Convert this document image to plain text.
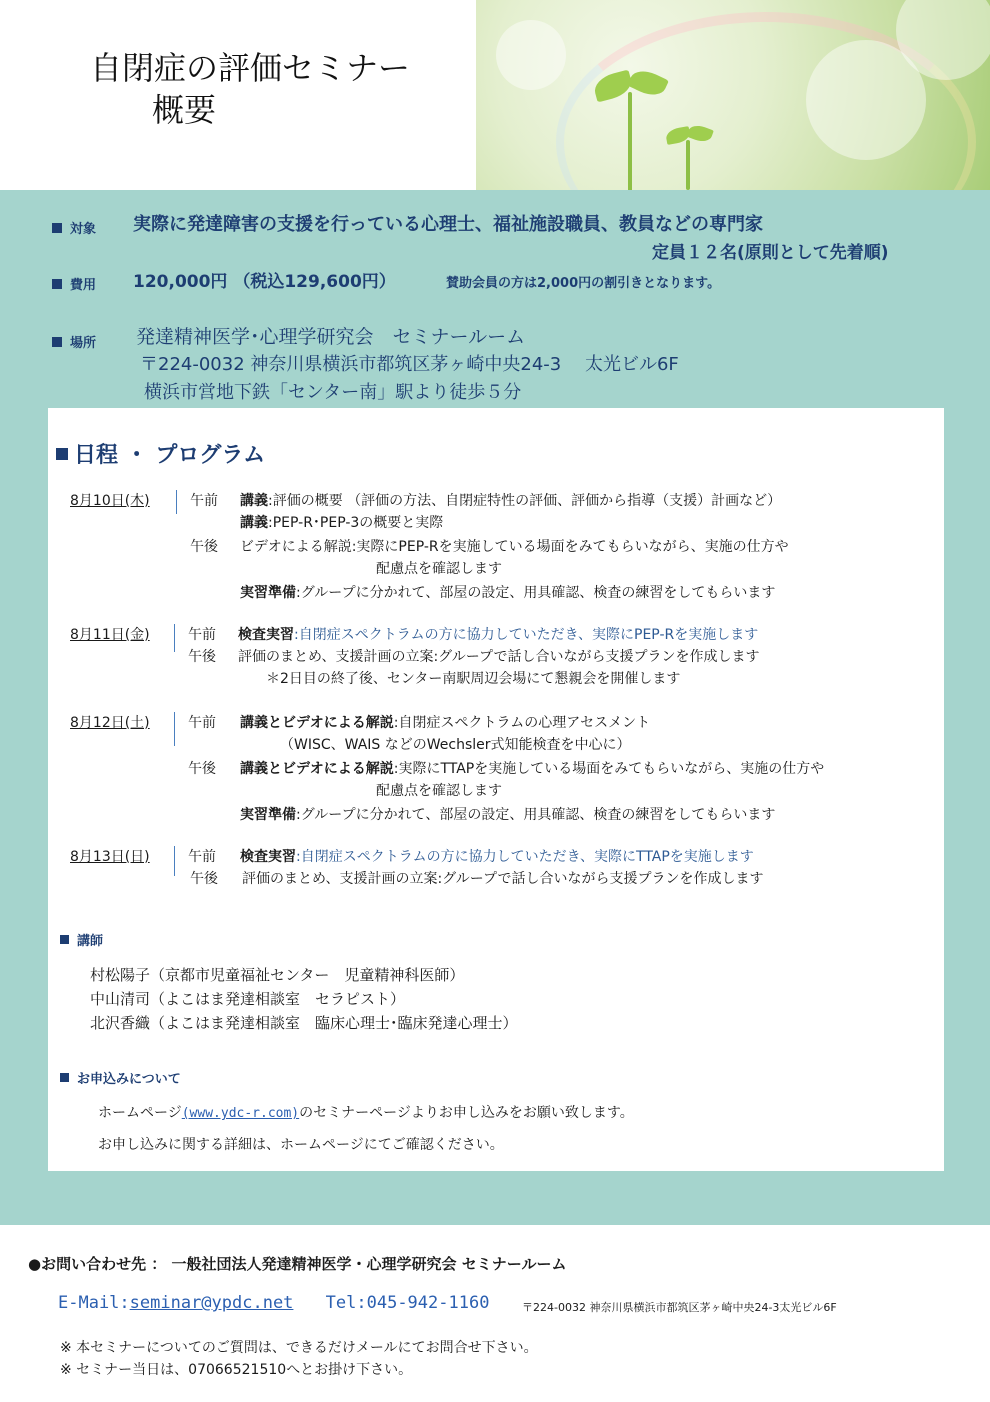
自閉症の評価セミナー
概要
対象 実際に発達障害の支援を行っている心理士、福祉施設職員、教員などの専門家
定員１２名(原則として先着順)
費用 120,000円 （税込129,600円）	賛助会員の方は2,000円の割引きとなります。
場所 発達精神医学･心理学研究会　セミナールーム
〒224-0032 神奈川県横浜市都筑区茅ヶ崎中央24-3　 太光ビル6F
横浜市営地下鉄「センター南」駅より徒歩５分
日程 ・ プログラム
8月10日(木)	午前 講義:評価の概要 （評価の方法、自閉症特性の評価、評価から指導（支援）計画など）
講義:PEP-R･PEP-3の概要と実際
午後 ビデオによる解説:実際にPEP-Rを実施している場面をみてもらいながら、実施の仕方や
配慮点を確認します
実習準備:グループに分かれて、部屋の設定、用具確認、検査の練習をしてもらいます
8月11日(金)	午前 検査実習:自閉症スペクトラムの方に協力していただき、実際にPEP-Rを実施します
午後 評価のまとめ、支援計画の立案:グループで話し合いながら支援プランを作成します
＊2日目の終了後、センター南駅周辺会場にて懇親会を開催します
8月12日(土)	午前 講義とビデオによる解説:自閉症スペクトラムの心理アセスメント
（WISC、WAIS などのWechsler式知能検査を中心に）
午後 講義とビデオによる解説:実際にTTAPを実施している場面をみてもらいながら、実施の仕方や
配慮点を確認します
実習準備:グループに分かれて、部屋の設定、用具確認、検査の練習をしてもらいます
8月13日(日)	午前 検査実習:自閉症スペクトラムの方に協力していただき、実際にTTAPを実施します
午後 評価のまとめ、支援計画の立案:グループで話し合いながら支援プランを作成します
講師
村松陽子（京都市児童福祉センター　児童精神科医師）
中山清司（よこはま発達相談室　セラピスト）
北沢香織（よこはま発達相談室　臨床心理士･臨床発達心理士）
お申込みについて
ホームページ(www.ydc-r.com)のセミナーページよりお申し込みをお願い致します。
お申し込みに関する詳細は、ホームページにてご確認ください。
●お問い合わせ先 ： 一般社団法人発達精神医学・心理学研究会 セミナールーム
E-Mail:seminar@ypdc.net Tel:045-942-1160	〒224-0032 神奈川県横浜市都筑区茅ヶ崎中央24-3太光ビル6F
※ 本セミナーについてのご質問は、できるだけメールにてお問合せ下さい。
※ セミナー当日は、07066521510へとお掛け下さい。
